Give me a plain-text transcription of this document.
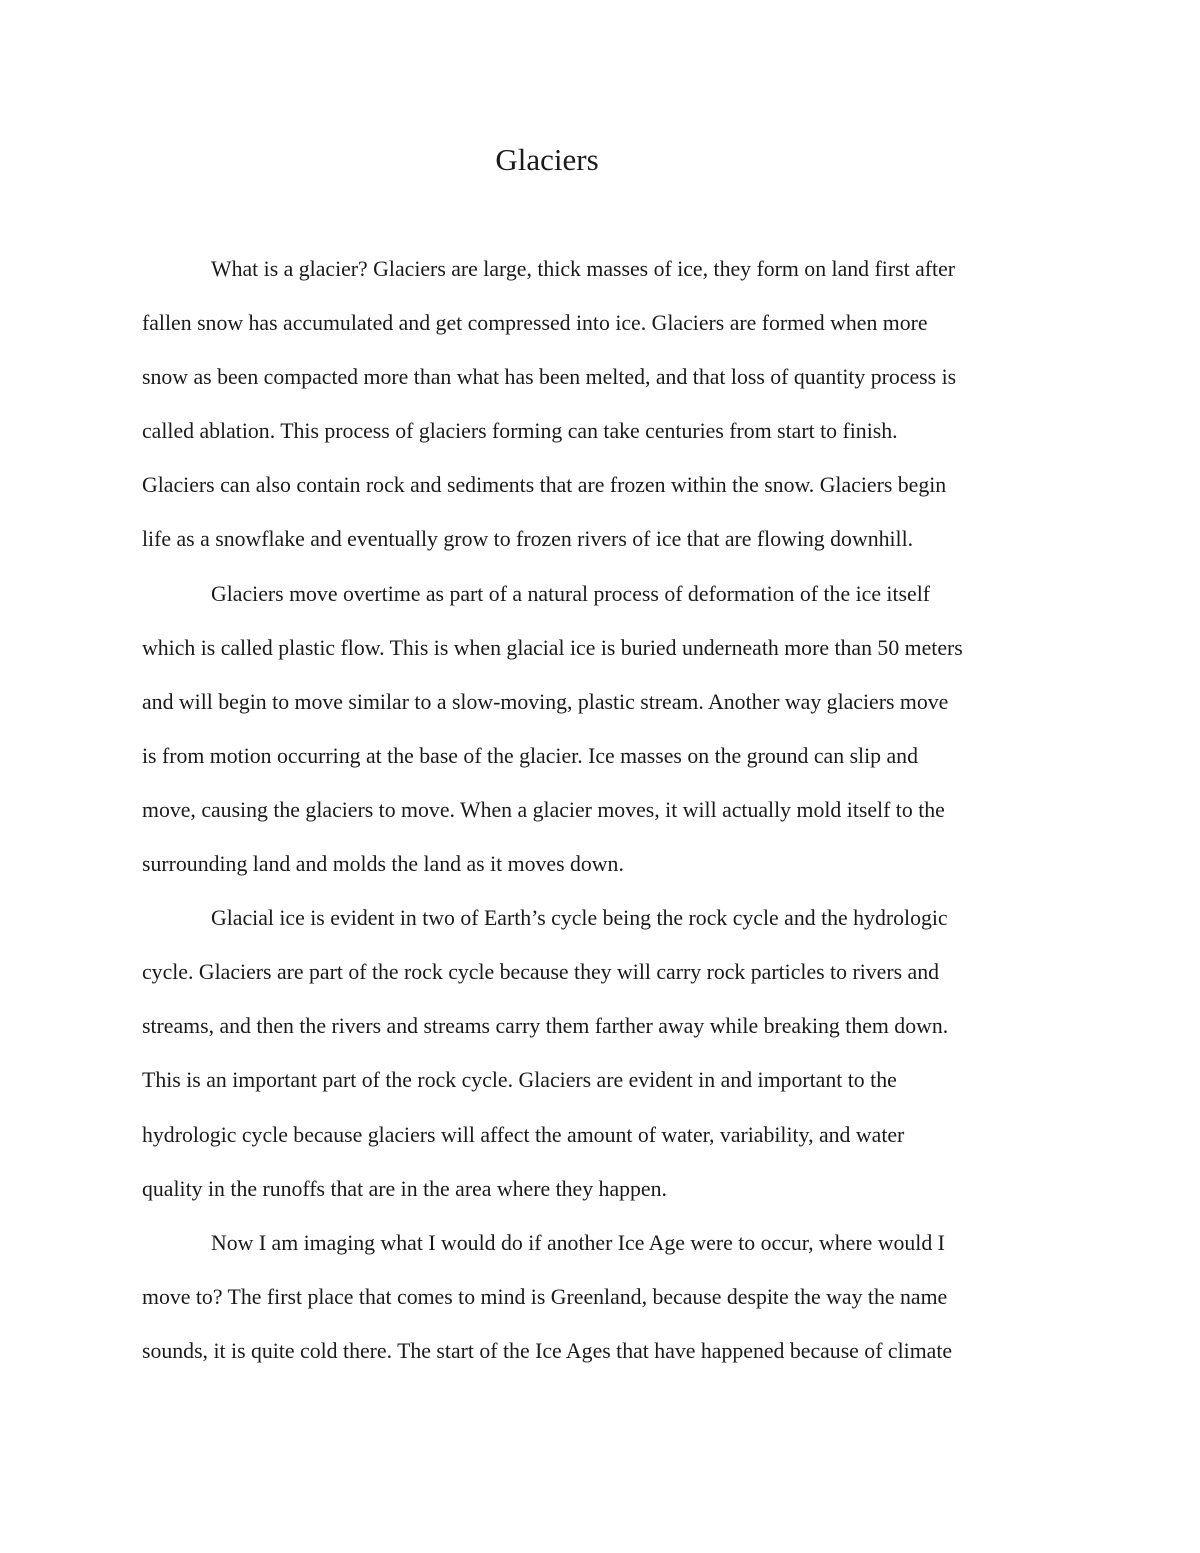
Glaciers
What is a glacier? Glaciers are large, thick masses of ice, they form on land first after
fallen snow has accumulated and get compressed into ice. Glaciers are formed when more
snow as been compacted more than what has been melted, and that loss of quantity process is
called ablation. This process of glaciers forming can take centuries from start to finish.
Glaciers can also contain rock and sediments that are frozen within the snow. Glaciers begin
life as a snowflake and eventually grow to frozen rivers of ice that are flowing downhill.
Glaciers move overtime as part of a natural process of deformation of the ice itself
which is called plastic flow. This is when glacial ice is buried underneath more than 50 meters
and will begin to move similar to a slow-moving, plastic stream. Another way glaciers move
is from motion occurring at the base of the glacier. Ice masses on the ground can slip and
move, causing the glaciers to move. When a glacier moves, it will actually mold itself to the
surrounding land and molds the land as it moves down.
Glacial ice is evident in two of Earth’s cycle being the rock cycle and the hydrologic
cycle. Glaciers are part of the rock cycle because they will carry rock particles to rivers and
streams, and then the rivers and streams carry them farther away while breaking them down.
This is an important part of the rock cycle. Glaciers are evident in and important to the
hydrologic cycle because glaciers will affect the amount of water, variability, and water
quality in the runoffs that are in the area where they happen.
Now I am imaging what I would do if another Ice Age were to occur, where would I
move to? The first place that comes to mind is Greenland, because despite the way the name
sounds, it is quite cold there. The start of the Ice Ages that have happened because of climate
